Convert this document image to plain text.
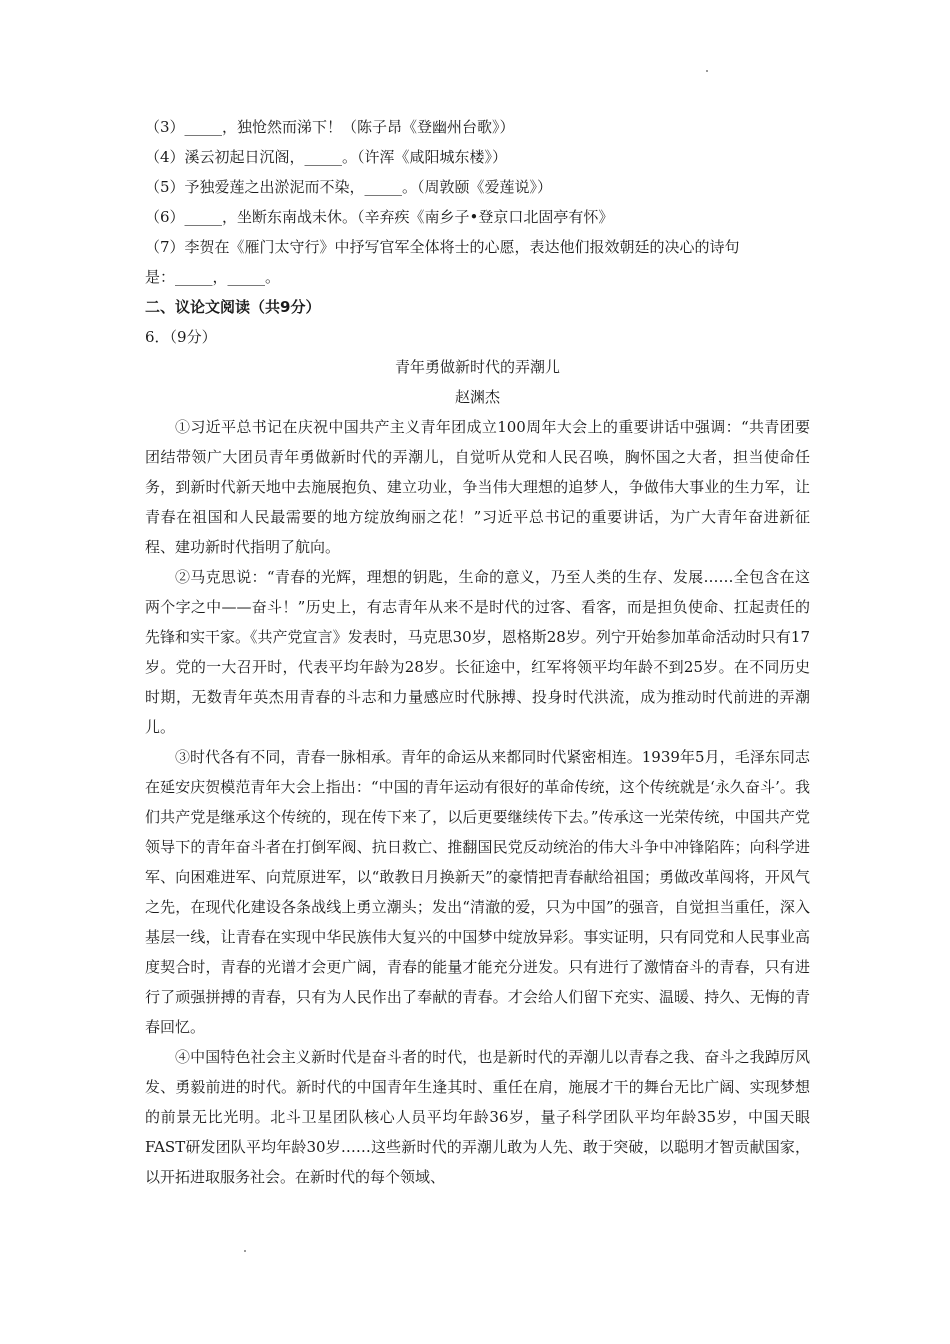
（3）_____，独怆然而涕下！（陈子昂《登幽州台歌》）
（4）溪云初起日沉阁，_____。（许浑《咸阳城东楼》）
（5）予独爱莲之出淤泥而不染，_____。（周敦颐《爱莲说》）
（6）_____，坐断东南战未休。（辛弃疾《南乡子•登京口北固亭有怀》
（7）李贺在《雁门太守行》中抒写官军全体将士的心愿，表达他们报效朝廷的决心的诗句
是：_____，_____。
二、议论文阅读（共9分）
6．（9分）
青年勇做新时代的弄潮儿
赵渊杰

①习近平总书记在庆祝中国共产主义青年团成立100周年大会上的重要讲话中强调：“共青团要团结带领广大团员青年勇做新时代的弄潮儿，自觉听从党和人民召唤，胸怀国之大者，担当使命任务，到新时代新天地中去施展抱负、建立功业，争当伟大理想的追梦人，争做伟大事业的生力军，让青春在祖国和人民最需要的地方绽放绚丽之花！”习近平总书记的重要讲话，为广大青年奋进新征程、建功新时代指明了航向。

②马克思说：“青春的光辉，理想的钥匙，生命的意义，乃至人类的生存、发展……全包含在这两个字之中——奋斗！”历史上，有志青年从来不是时代的过客、看客，而是担负使命、扛起责任的先锋和实干家。《共产党宣言》发表时，马克思30岁，恩格斯28岁。列宁开始参加革命活动时只有17岁。党的一大召开时，代表平均年龄为28岁。长征途中，红军将领平均年龄不到25岁。在不同历史时期，无数青年英杰用青春的斗志和力量感应时代脉搏、投身时代洪流，成为推动时代前进的弄潮儿。

③时代各有不同，青春一脉相承。青年的命运从来都同时代紧密相连。1939年5月，毛泽东同志在延安庆贺模范青年大会上指出：“中国的青年运动有很好的革命传统，这个传统就是‘永久奋斗’。我们共产党是继承这个传统的，现在传下来了，以后更要继续传下去。”传承这一光荣传统，中国共产党领导下的青年奋斗者在打倒军阀、抗日救亡、推翻国民党反动统治的伟大斗争中冲锋陷阵；向科学进军、向困难进军、向荒原进军，以“敢教日月换新天”的豪情把青春献给祖国；勇做改革闯将，开风气之先，在现代化建设各条战线上勇立潮头；发出“清澈的爱，只为中国”的强音，自觉担当重任，深入基层一线，让青春在实现中华民族伟大复兴的中国梦中绽放异彩。事实证明，只有同党和人民事业高度契合时，青春的光谱才会更广阔，青春的能量才能充分迸发。只有进行了激情奋斗的青春，只有进行了顽强拼搏的青春，只有为人民作出了奉献的青春。才会给人们留下充实、温暖、持久、无悔的青春回忆。

④中国特色社会主义新时代是奋斗者的时代，也是新时代的弄潮儿以青春之我、奋斗之我踔厉风发、勇毅前进的时代。新时代的中国青年生逢其时、重任在肩，施展才干的舞台无比广阔、实现梦想的前景无比光明。北斗卫星团队核心人员平均年龄36岁，量子科学团队平均年龄35岁，中国天眼FAST研发团队平均年龄30岁……这些新时代的弄潮儿敢为人先、敢于突破，以聪明才智贡献国家，以开拓进取服务社会。在新时代的每个领域、
